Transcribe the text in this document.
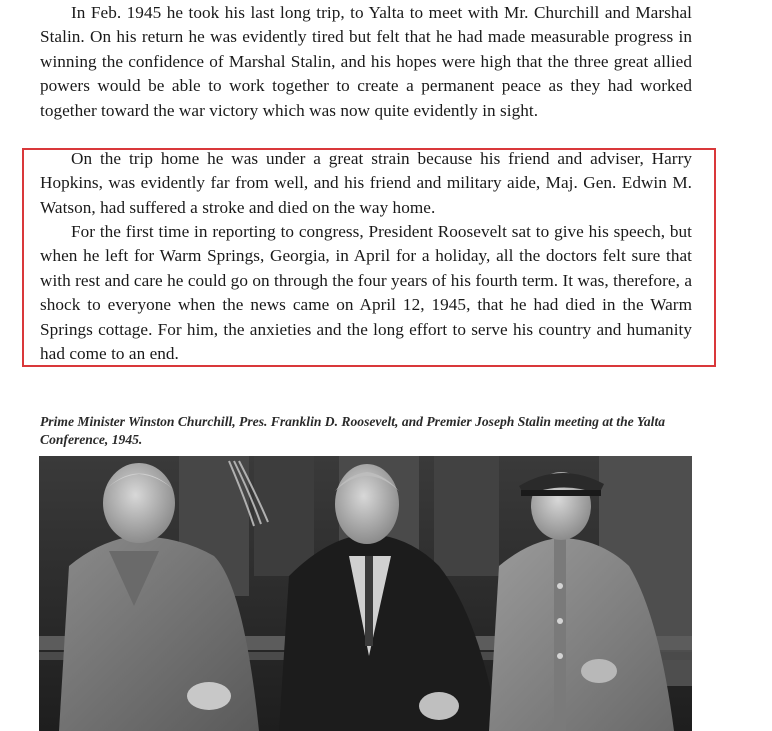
In Feb. 1945 he took his last long trip, to Yalta to meet with Mr. Churchill and Marshal Stalin. On his return he was evidently tired but felt that he had made measurable progress in winning the confidence of Marshal Stalin, and his hopes were high that the three great allied powers would be able to work together to create a permanent peace as they had worked together toward the war victory which was now quite evidently in sight.

On the trip home he was under a great strain because his friend and adviser, Harry Hopkins, was evidently far from well, and his friend and military aide, Maj. Gen. Edwin M. Watson, had suffered a stroke and died on the way home.

For the first time in reporting to congress, President Roosevelt sat to give his speech, but when he left for Warm Springs, Georgia, in April for a holiday, all the doctors felt sure that with rest and care he could go on through the four years of his fourth term. It was, therefore, a shock to everyone when the news came on April 12, 1945, that he had died in the Warm Springs cottage. For him, the anxieties and the long effort to serve his country and humanity had come to an end.

Prime Minister Winston Churchill, Pres. Franklin D. Roosevelt, and Premier Joseph Stalin meeting at the Yalta Conference, 1945.
